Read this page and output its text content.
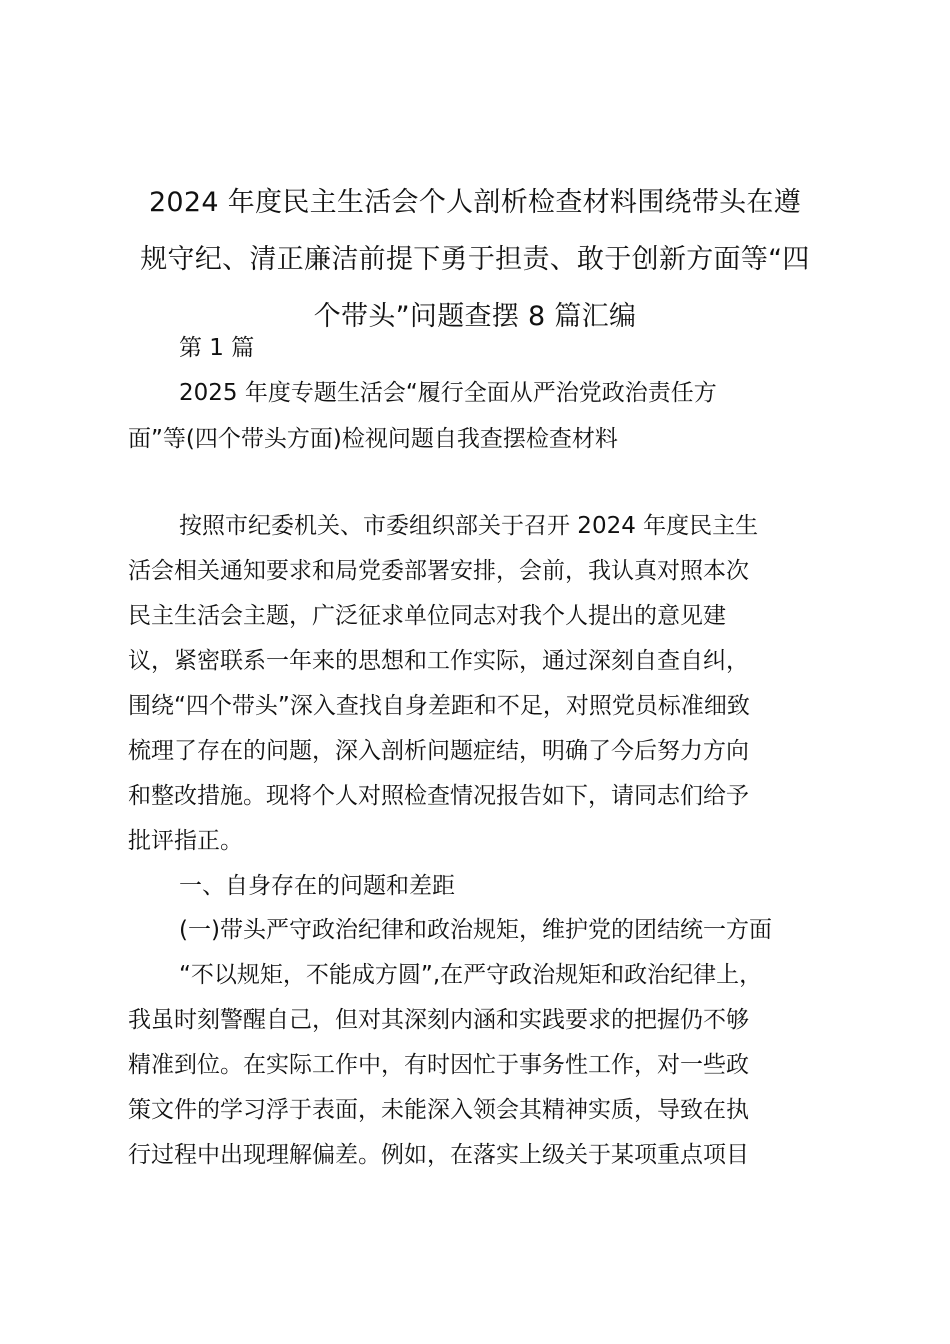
2024 年度民主生活会个人剖析检查材料围绕带头在遵
规守纪、清正廉洁前提下勇于担责、敢于创新方面等“四
个带头”问题查摆 8 篇汇编

第 1 篇

2025 年度专题生活会“履行全面从严治党政治责任方

面”等(四个带头方面)检视问题自我查摆检查材料

按照市纪委机关、市委组织部关于召开 2024 年度民主生

活会相关通知要求和局党委部署安排，会前，我认真对照本次

民主生活会主题，广泛征求单位同志对我个人提出的意见建

议，紧密联系一年来的思想和工作实际，通过深刻自查自纠，

围绕“四个带头”深入查找自身差距和不足，对照党员标准细致

梳理了存在的问题，深入剖析问题症结，明确了今后努力方向

和整改措施。现将个人对照检查情况报告如下，请同志们给予

批评指正。

一、自身存在的问题和差距

(一)带头严守政治纪律和政治规矩，维护党的团结统一方面

“不以规矩，不能成方圆”,在严守政治规矩和政治纪律上，

我虽时刻警醒自己，但对其深刻内涵和实践要求的把握仍不够

精准到位。在实际工作中，有时因忙于事务性工作，对一些政

策文件的学习浮于表面，未能深入领会其精神实质，导致在执

行过程中出现理解偏差。例如，在落实上级关于某项重点项目
